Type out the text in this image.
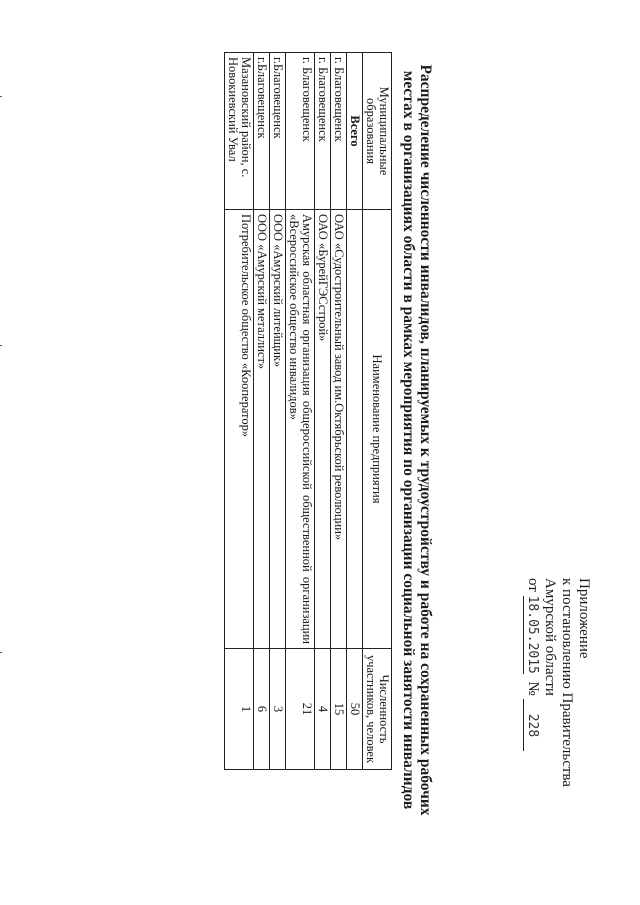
Приложение
к постановлению Правительства
Амурской области
от 18.05.2015  № 228
Распределение численности инвалидов, планируемых к трудоустройству и работе на сохраненных рабочих местах в организациях области в рамках мероприятия по организации социальной занятости инвалидов
Муниципальные образования	Наименование предприятия	Численность участников, человек
Всего		50
г. Благовещенск	ОАО «Судостроительный завод им.Октябрьской революции»	15
г. Благовещенск	ОАО «БурейГЭСстрой»	4
г. Благовещенск	Амурская областная организация общероссийской общественной организации «Всероссийское общество инвалидов»	21
г.Благовещенск	ООО «Амурский литейщик»	3
г.Благовещенск	ООО «Амурский металлист»	6
Мазановский район, с. Новокиевский Увал	Потребительское общество «Кооператор»	1
